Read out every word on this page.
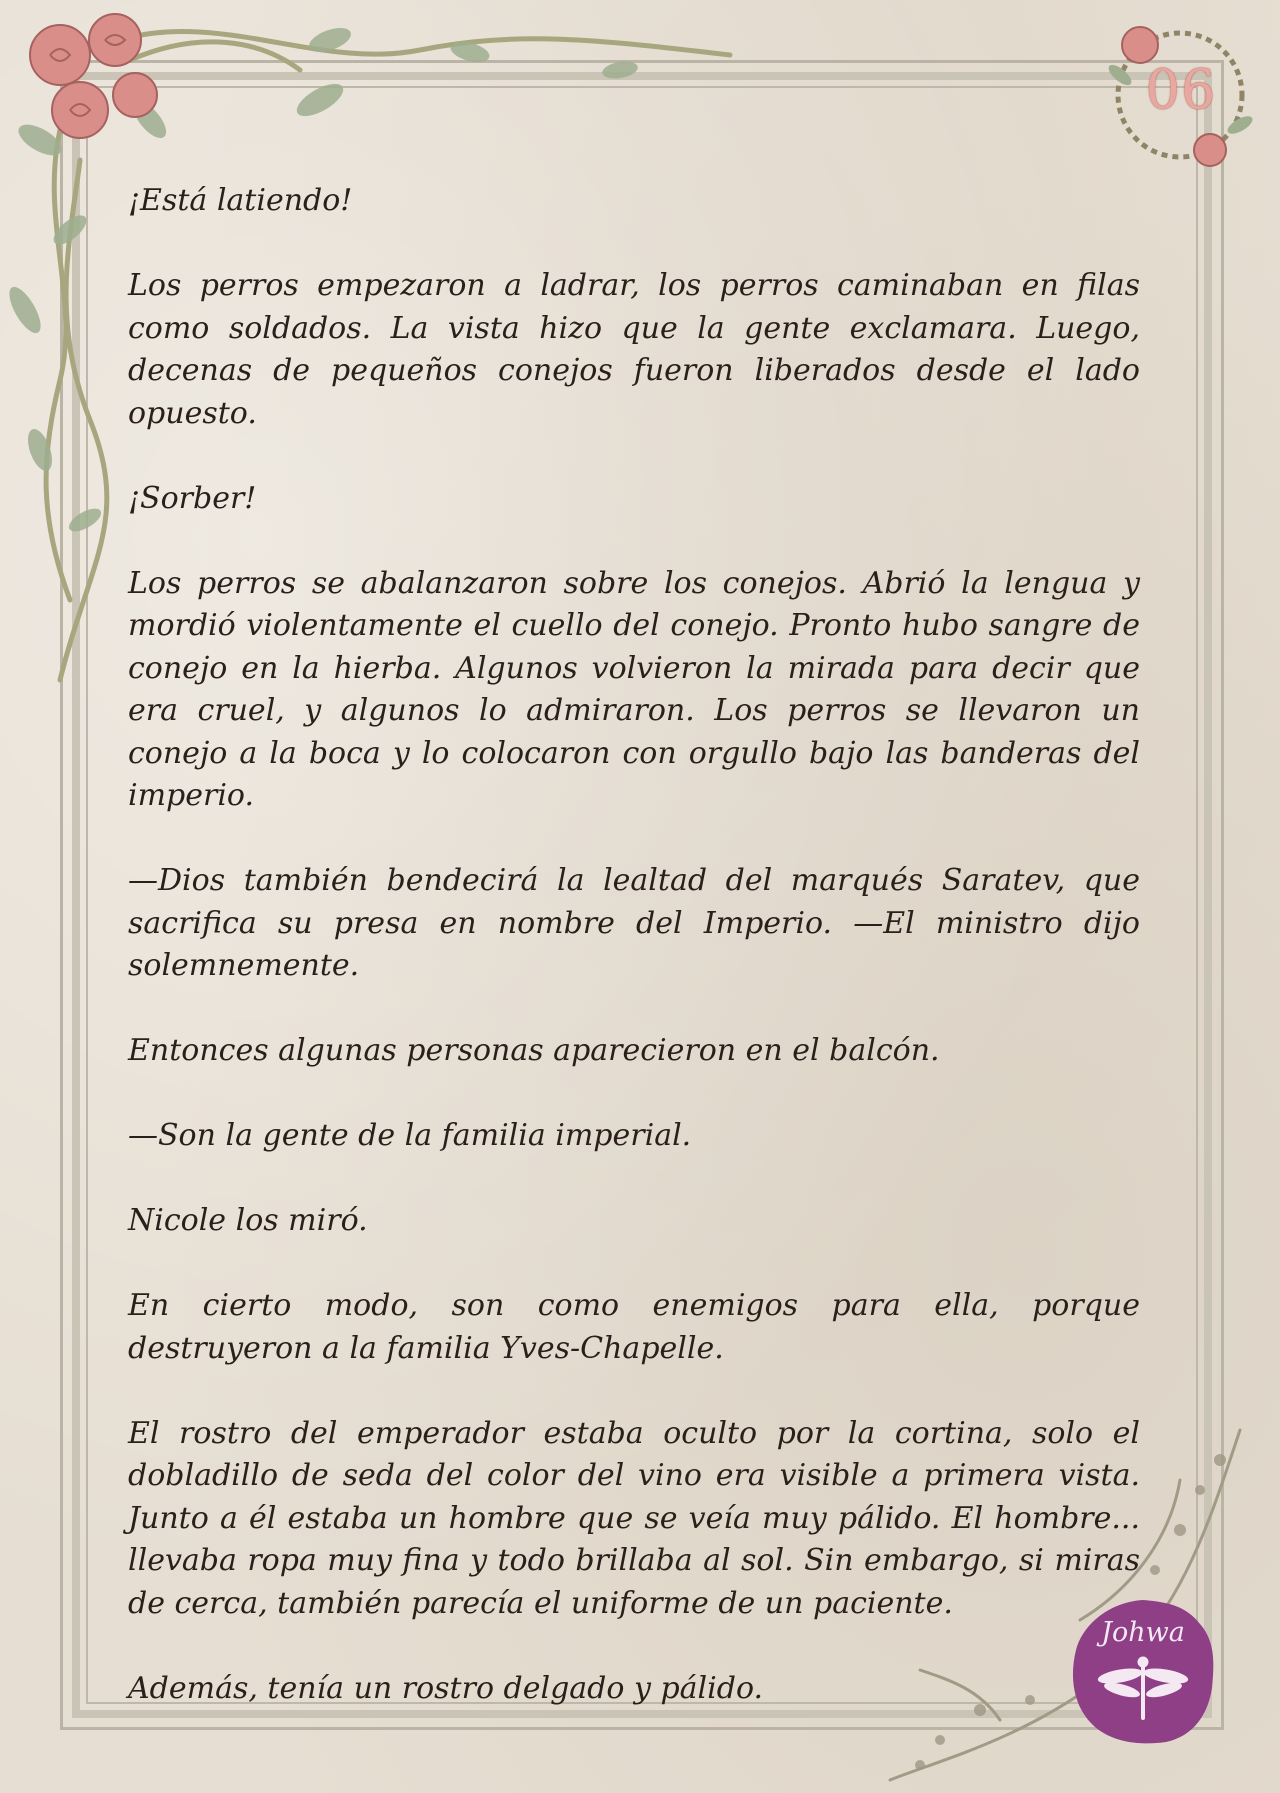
06

¡Está latiendo!

Los perros empezaron a ladrar, los perros caminaban en filas como soldados. La vista hizo que la gente exclamara. Luego, decenas de pequeños conejos fueron liberados desde el lado opuesto.

¡Sorber!

Los perros se abalanzaron sobre los conejos. Abrió la lengua y mordió violentamente el cuello del conejo. Pronto hubo sangre de conejo en la hierba. Algunos volvieron la mirada para decir que era cruel, y algunos lo admiraron. Los perros se llevaron un conejo a la boca y lo colocaron con orgullo bajo las banderas del imperio.

—Dios también bendecirá la lealtad del marqués Saratev, que sacrifica su presa en nombre del Imperio. —El ministro dijo solemnemente.

Entonces algunas personas aparecieron en el balcón.

—Son la gente de la familia imperial.

Nicole los miró.

En cierto modo, son como enemigos para ella, porque destruyeron a la familia Yves-Chapelle.

El rostro del emperador estaba oculto por la cortina, solo el dobladillo de seda del color del vino era visible a primera vista. Junto a él estaba un hombre que se veía muy pálido. El hombre... llevaba ropa muy fina y todo brillaba al sol. Sin embargo, si miras de cerca, también parecía el uniforme de un paciente.

Además, tenía un rostro delgado y pálido.

Johwa
